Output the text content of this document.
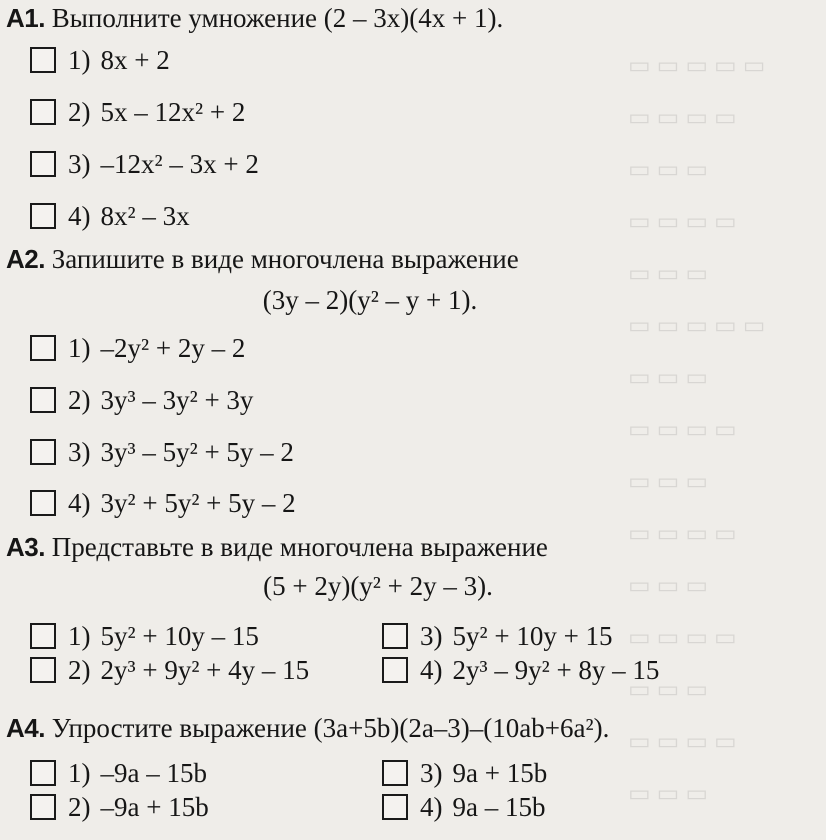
▭ ▭ ▭ ▭ ▭
▭ ▭ ▭ ▭
▭ ▭ ▭
▭ ▭ ▭ ▭
▭ ▭ ▭
▭ ▭ ▭ ▭ ▭
▭ ▭ ▭
▭ ▭ ▭ ▭
▭ ▭ ▭
▭ ▭ ▭ ▭
▭ ▭ ▭
▭ ▭ ▭ ▭
▭ ▭ ▭
▭ ▭ ▭ ▭
▭ ▭ ▭
А1. Выполните умножение (2 – 3x)(4x + 1).
1) 8x + 2
2) 5x – 12x² + 2
3) –12x² – 3x + 2
4) 8x² – 3x
А2. Запишите в виде многочлена выражение
(3y – 2)(y² – y + 1).
1) –2y² + 2y – 2
2) 3y³ – 3y² + 3y
3) 3y³ – 5y² + 5y – 2
4) 3y² + 5y² + 5y – 2
А3. Представьте в виде многочлена выражение
(5 + 2y)(y² + 2y – 3).
1) 5y² + 10y – 15
2) 2y³ + 9y² + 4y – 15
3) 5y² + 10y + 15
4) 2y³ – 9y² + 8y – 15
А4. Упростите выражение (3a+5b)(2a–3)–(10ab+6a²).
1) –9a – 15b
2) –9a + 15b
3) 9a + 15b
4) 9a – 15b
